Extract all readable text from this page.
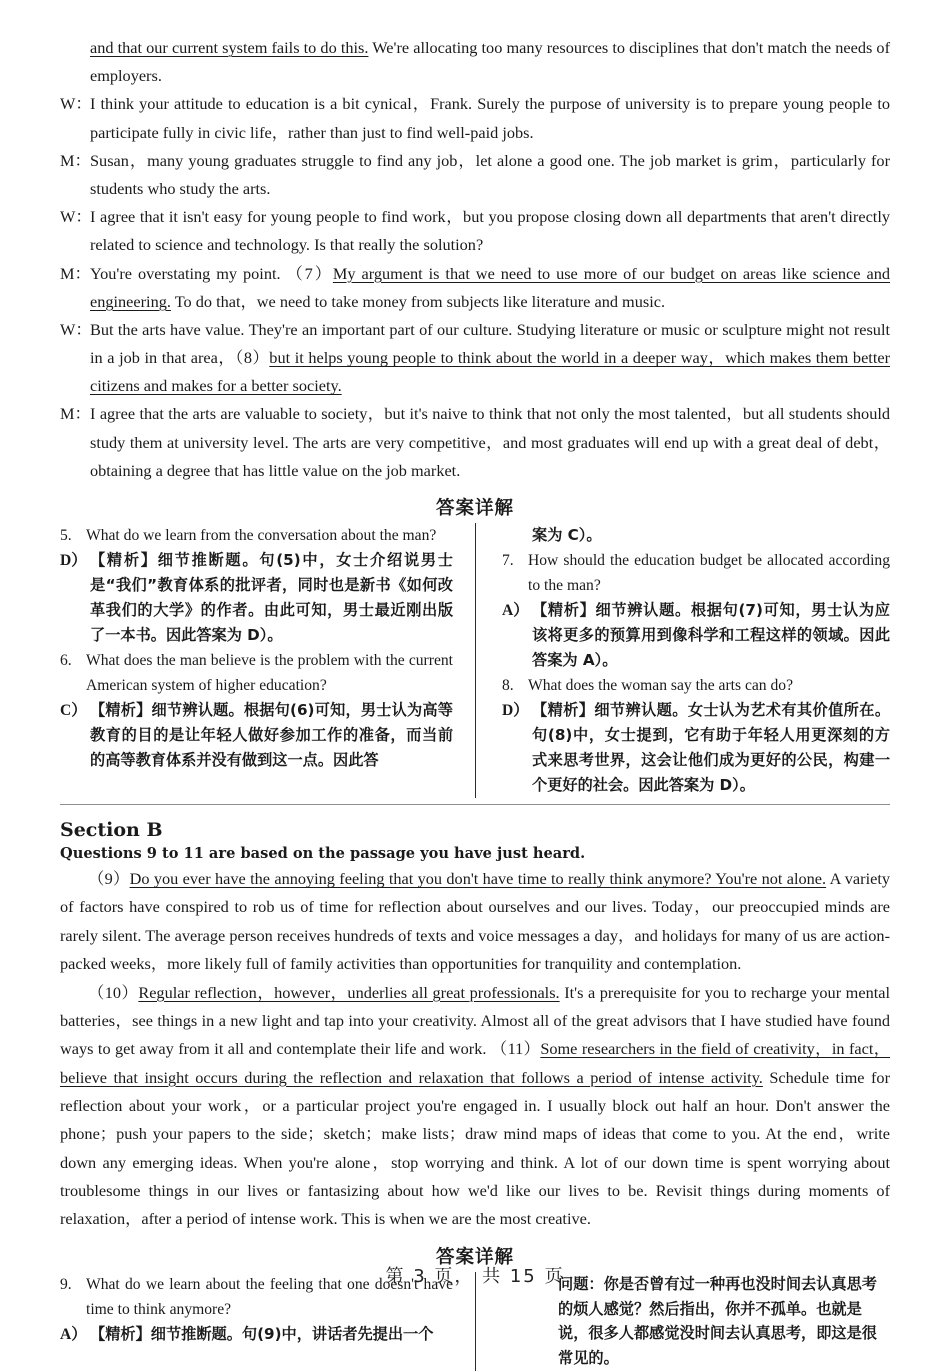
and that our current system fails to do this. We're allocating too many resources to disciplines that don't match the needs of employers.
W：
I think your attitude to education is a bit cynical，Frank. Surely the purpose of university is to prepare young people to participate fully in civic life，rather than just to find well-paid jobs.
M： Susan，many young graduates struggle to find any job，let alone a good one. The job market is grim，particularly for students who study the arts.
W：
I agree that it isn't easy for young people to find work，but you propose closing down all departments that aren't directly related to science and technology. Is that really the solution?
M： You're overstating my point. （7）My argument is that we need to use more of our budget on areas like science and engineering. To do that，we need to take money from subjects like literature and music.
W：
But the arts have value. They're an important part of our culture. Studying literature or music or sculpture might not result in a job in that area，（8）but it helps young people to think about the world in a deeper way，which makes them better citizens and makes for a better society.
M： I agree that the arts are valuable to society，but it's naive to think that not only the most talented，but all students should study them at university level. The arts are very competitive，and most graduates will end up with a great deal of debt，obtaining a degree that has little value on the job market.
答案详解
5. What do we learn from the conversation about the man?
D） 【精析】细节推断题。句(5)中，女士介绍说男士是“我们”教育体系的批评者，同时也是新书《如何改革我们的大学》的作者。由此可知，男士最近刚出版了一本书。因此答案为 D）。
6. What does the man believe is the problem with the current American system of higher education?
C） 【精析】细节辨认题。根据句(6)可知，男士认为高等教育的目的是让年轻人做好参加工作的准备，而当前的高等教育体系并没有做到这一点。因此答
案为 C）。
7. How should the education budget be allocated according to the man?
A） 【精析】细节辨认题。根据句(7)可知，男士认为应该将更多的预算用到像科学和工程这样的领域。因此答案为 A）。
8. What does the woman say the arts can do?
D） 【精析】细节辨认题。女士认为艺术有其价值所在。句(8)中，女士提到，它有助于年轻人用更深刻的方式来思考世界，这会让他们成为更好的公民，构建一个更好的社会。因此答案为 D）。
Section B
Questions 9 to 11 are based on the passage you have just heard.
（9）Do you ever have the annoying feeling that you don't have time to really think anymore? You're not alone. A variety of factors have conspired to rob us of time for reflection about ourselves and our lives. Today，our preoccupied minds are rarely silent. The average person receives hundreds of texts and voice messages a day，and holidays for many of us are action-packed weeks，more likely full of family activities than opportunities for tranquility and contemplation.
（10）Regular reflection，however，underlies all great professionals. It's a prerequisite for you to recharge your mental batteries，see things in a new light and tap into your creativity. Almost all of the great advisors that I have studied have found ways to get away from it all and contemplate their life and work. （11）Some researchers in the field of creativity，in fact，believe that insight occurs during the reflection and relaxation that follows a period of intense activity. Schedule time for reflection about your work，or a particular project you're engaged in. I usually block out half an hour. Don't answer the phone；push your papers to the side；sketch；make lists；draw mind maps of ideas that come to you. At the end，write down any emerging ideas. When you're alone，stop worrying and think. A lot of our down time is spent worrying about troublesome things in our lives or fantasizing about how we'd like our lives to be. Revisit things during moments of relaxation，after a period of intense work. This is when we are the most creative.
答案详解
9. What do we learn about the feeling that one doesn't have time to think anymore?
A） 【精析】细节推断题。句(9)中，讲话者先提出一个
问题：你是否曾有过一种再也没时间去认真思考的烦人感觉？然后指出，你并不孤单。也就是说，很多人都感觉没时间去认真思考，即这是很常见的。
第 3 页， 共 15 页
